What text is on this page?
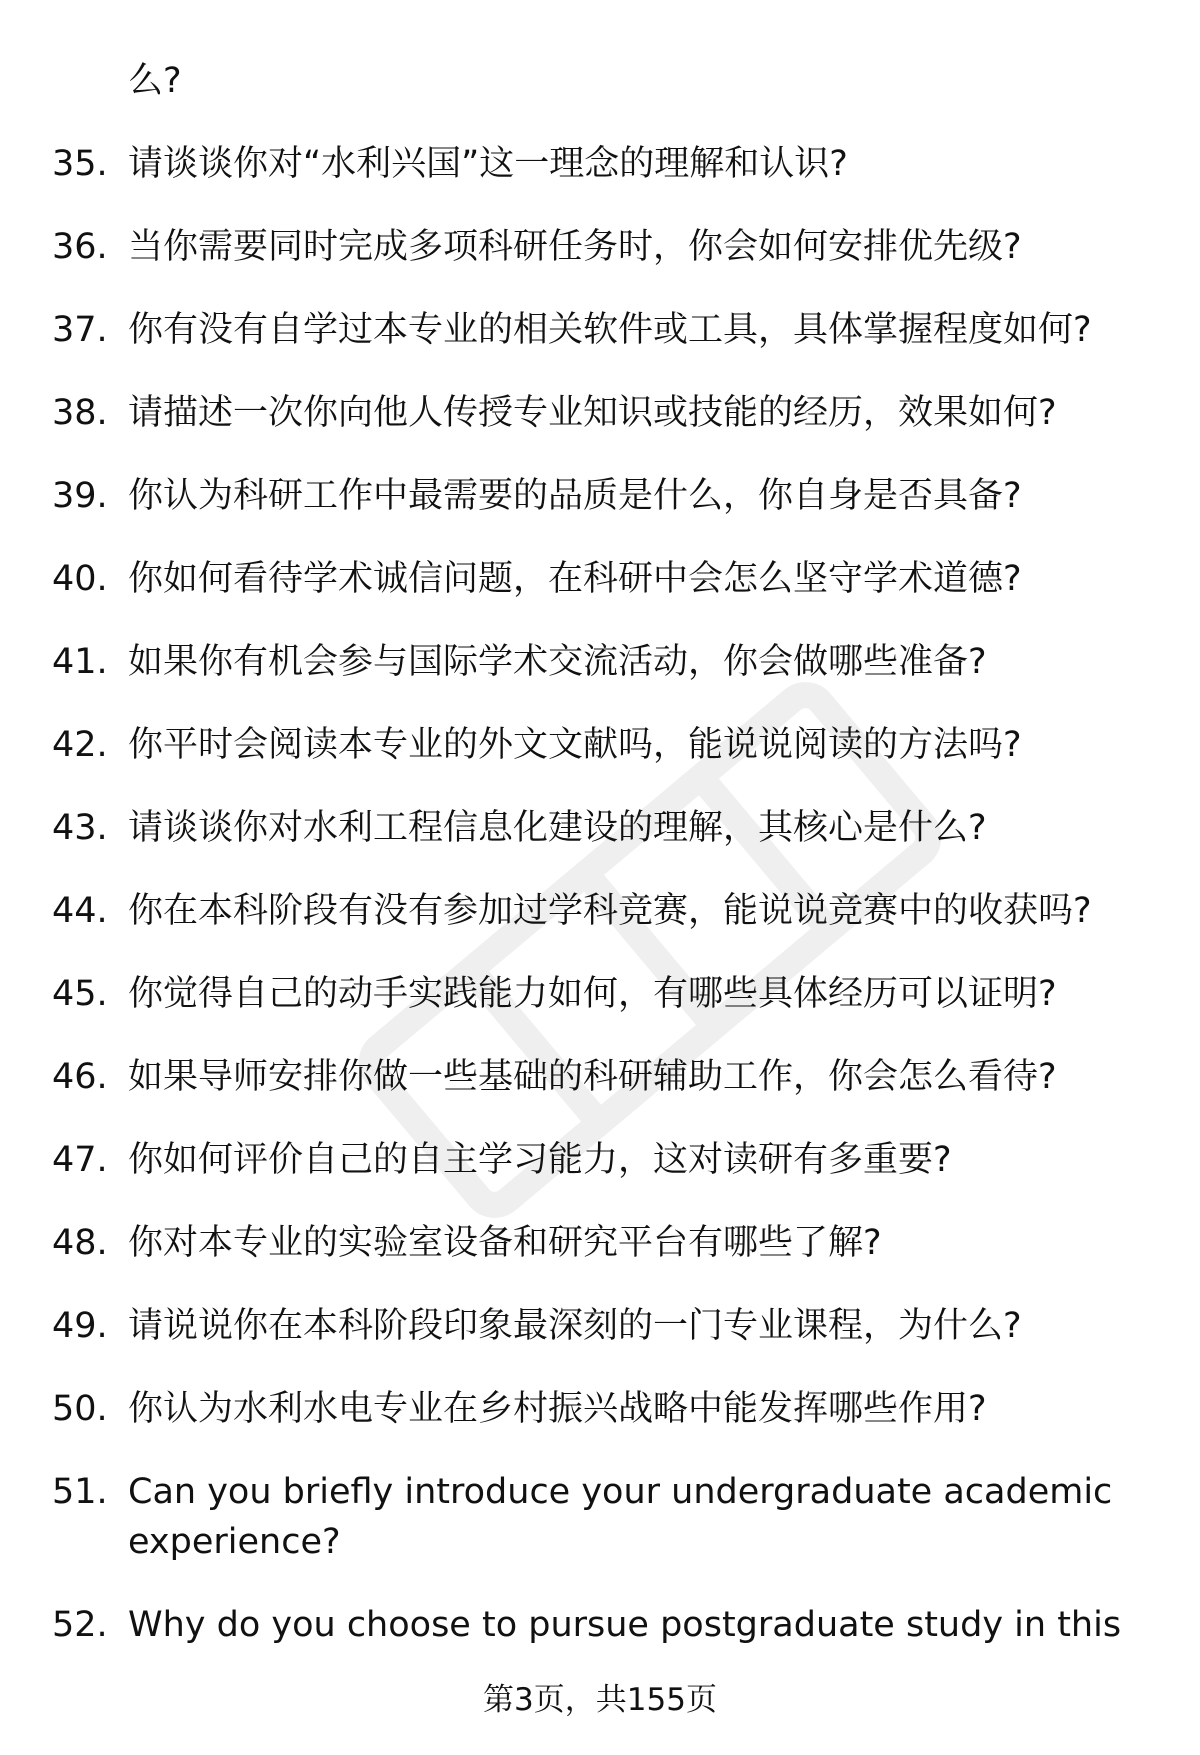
么?
35. 请谈谈你对“水利兴国”这一理念的理解和认识?
36. 当你需要同时完成多项科研任务时，你会如何安排优先级?
37. 你有没有自学过本专业的相关软件或工具，具体掌握程度如何?
38. 请描述一次你向他人传授专业知识或技能的经历，效果如何?
39. 你认为科研工作中最需要的品质是什么，你自身是否具备?
40. 你如何看待学术诚信问题，在科研中会怎么坚守学术道德?
41. 如果你有机会参与国际学术交流活动，你会做哪些准备?
42. 你平时会阅读本专业的外文文献吗，能说说阅读的方法吗?
43. 请谈谈你对水利工程信息化建设的理解，其核心是什么?
44. 你在本科阶段有没有参加过学科竞赛，能说说竞赛中的收获吗?
45. 你觉得自己的动手实践能力如何，有哪些具体经历可以证明?
46. 如果导师安排你做一些基础的科研辅助工作，你会怎么看待?
47. 你如何评价自己的自主学习能力，这对读研有多重要?
48. 你对本专业的实验室设备和研究平台有哪些了解?
49. 请说说你在本科阶段印象最深刻的一门专业课程，为什么?
50. 你认为水利水电专业在乡村振兴战略中能发挥哪些作用?
51. Can you briefly introduce your undergraduate academic experience?
52. Why do you choose to pursue postgraduate study in this
第3页，共155页
